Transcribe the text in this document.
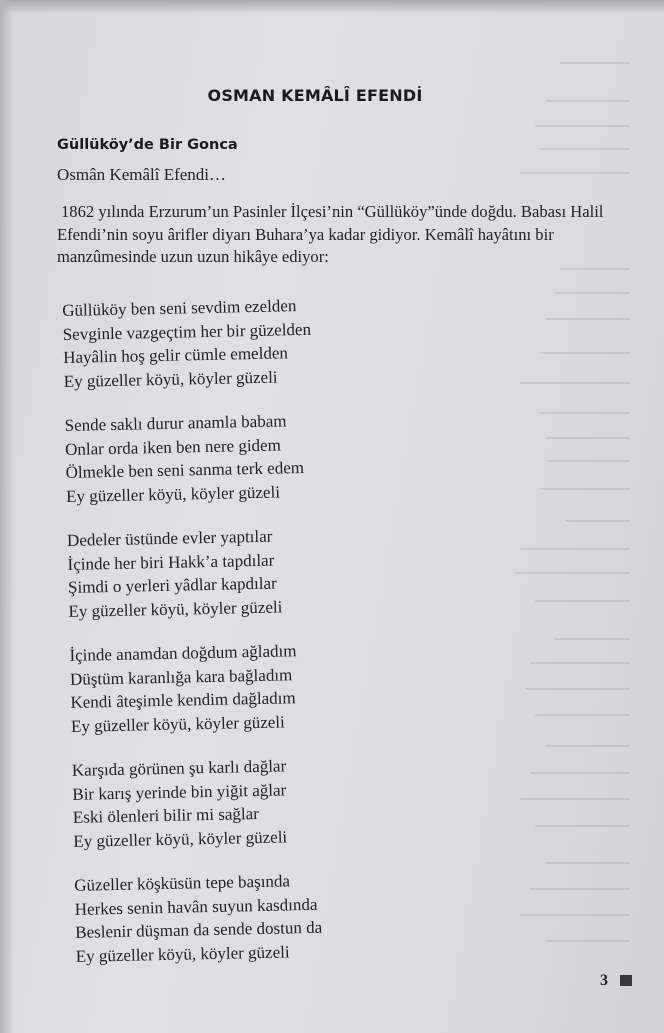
OSMAN KEMÂLÎ EFENDİ
Güllüköy’de Bir Gonca
Osmân Kemâlî Efendi…
1862 yılında Erzurum’un Pasinler İlçesi’nin “Güllüköy”ünde doğdu. Babası Halil Efendi’nin soyu ârifler diyarı Buhara’ya kadar gidiyor. Kemâlî hayâtını bir manzûmesinde uzun uzun hikâye ediyor:
Güllüköy ben seni sevdim ezelden
Sevginle vazgeçtim her bir güzelden
Hayâlin hoş gelir cümle emelden
Ey güzeller köyü, köyler güzeli
Sende saklı durur anamla babam
Onlar orda iken ben nere gidem
Ölmekle ben seni sanma terk edem
Ey güzeller köyü, köyler güzeli
Dedeler üstünde evler yaptılar
İçinde her biri Hakk’a tapdılar
Şimdi o yerleri yâdlar kapdılar
Ey güzeller köyü, köyler güzeli
İçinde anamdan doğdum ağladım
Düştüm karanlığa kara bağladım
Kendi âteşimle kendim dağladım
Ey güzeller köyü, köyler güzeli
Karşıda görünen şu karlı dağlar
Bir karış yerinde bin yiğit ağlar
Eski ölenleri bilir mi sağlar
Ey güzeller köyü, köyler güzeli
Güzeller köşküsün tepe başında
Herkes senin havân suyun kasdında
Beslenir düşman da sende dostun da
Ey güzeller köyü, köyler güzeli
3
